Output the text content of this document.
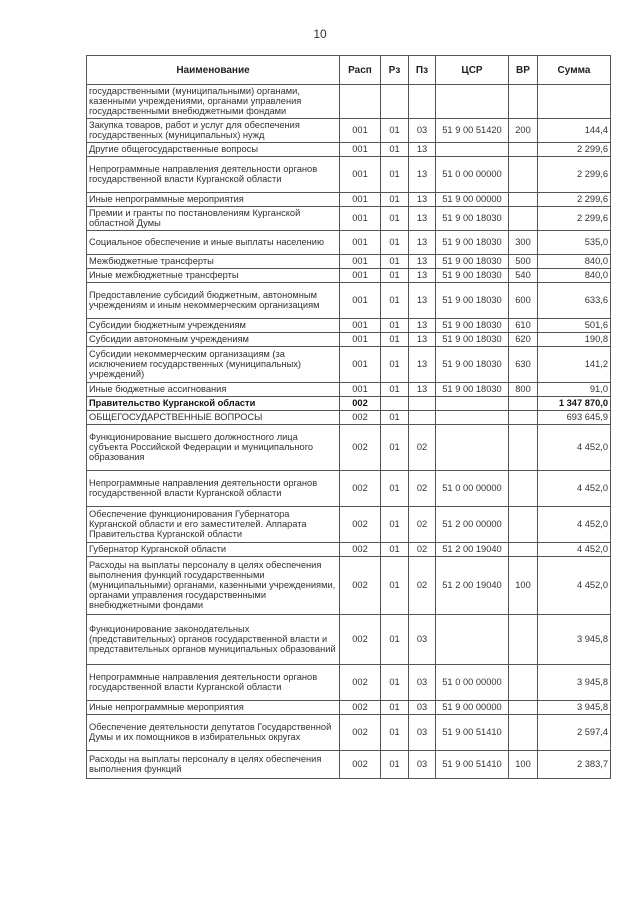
10
Наименование	Расп	Рз	Пз	ЦСР	ВР	Сумма
государственными (муниципальными) органами, казенными учреждениями, органами управления государственными внебюджетными фондами						
Закупка товаров, работ и услуг для обеспечения государственных (муниципальных) нужд	001	01	03	51 9 00 51420	200	144,4
Другие общегосударственные вопросы	001	01	13			2 299,6
Непрограммные направления деятельности органов государственной власти Курганской области	001	01	13	51 0 00 00000		2 299,6
Иные непрограммные мероприятия	001	01	13	51 9 00 00000		2 299,6
Премии и гранты по постановлениям Курганской областной Думы	001	01	13	51 9 00 18030		2 299,6
Социальное обеспечение и иные выплаты населению	001	01	13	51 9 00 18030	300	535,0
Межбюджетные трансферты	001	01	13	51 9 00 18030	500	840,0
Иные межбюджетные трансферты	001	01	13	51 9 00 18030	540	840,0
Предоставление субсидий бюджетным, автономным учреждениям и иным некоммерческим организациям	001	01	13	51 9 00 18030	600	633,6
Субсидии бюджетным учреждениям	001	01	13	51 9 00 18030	610	501,6
Субсидии автономным учреждениям	001	01	13	51 9 00 18030	620	190,8
Субсидии некоммерческим организациям (за исключением государственных (муниципальных) учреждений)	001	01	13	51 9 00 18030	630	141,2
Иные бюджетные ассигнования	001	01	13	51 9 00 18030	800	91,0
Правительство Курганской области	002					1 347 870,0
ОБЩЕГОСУДАРСТВЕННЫЕ ВОПРОСЫ	002	01				693 645,9
Функционирование высшего должностного лица субъекта Российской Федерации и муниципального образования	002	01	02			4 452,0
Непрограммные направления деятельности органов государственной власти Курганской области	002	01	02	51 0 00 00000		4 452,0
Обеспечение функционирования Губернатора Курганской области и его заместителей. Аппарата Правительства Курганской области	002	01	02	51 2 00 00000		4 452,0
Губернатор Курганской области	002	01	02	51 2 00 19040		4 452,0
Расходы на выплаты персоналу в целях обеспечения выполнения функций государственными (муниципальными) органами, казенными учреждениями, органами управления государственными внебюджетными фондами	002	01	02	51 2 00 19040	100	4 452,0
Функционирование законодательных (представительных) органов государственной власти и представительных органов муниципальных образований	002	01	03			3 945,8
Непрограммные направления деятельности органов государственной власти Курганской области	002	01	03	51 0 00 00000		3 945,8
Иные непрограммные мероприятия	002	01	03	51 9 00 00000		3 945,8
Обеспечение деятельности депутатов Государственной Думы и их помощников в избирательных округах	002	01	03	51 9 00 51410		2 597,4
Расходы на выплаты персоналу в целях обеспечения выполнения функций	002	01	03	51 9 00 51410	100	2 383,7
